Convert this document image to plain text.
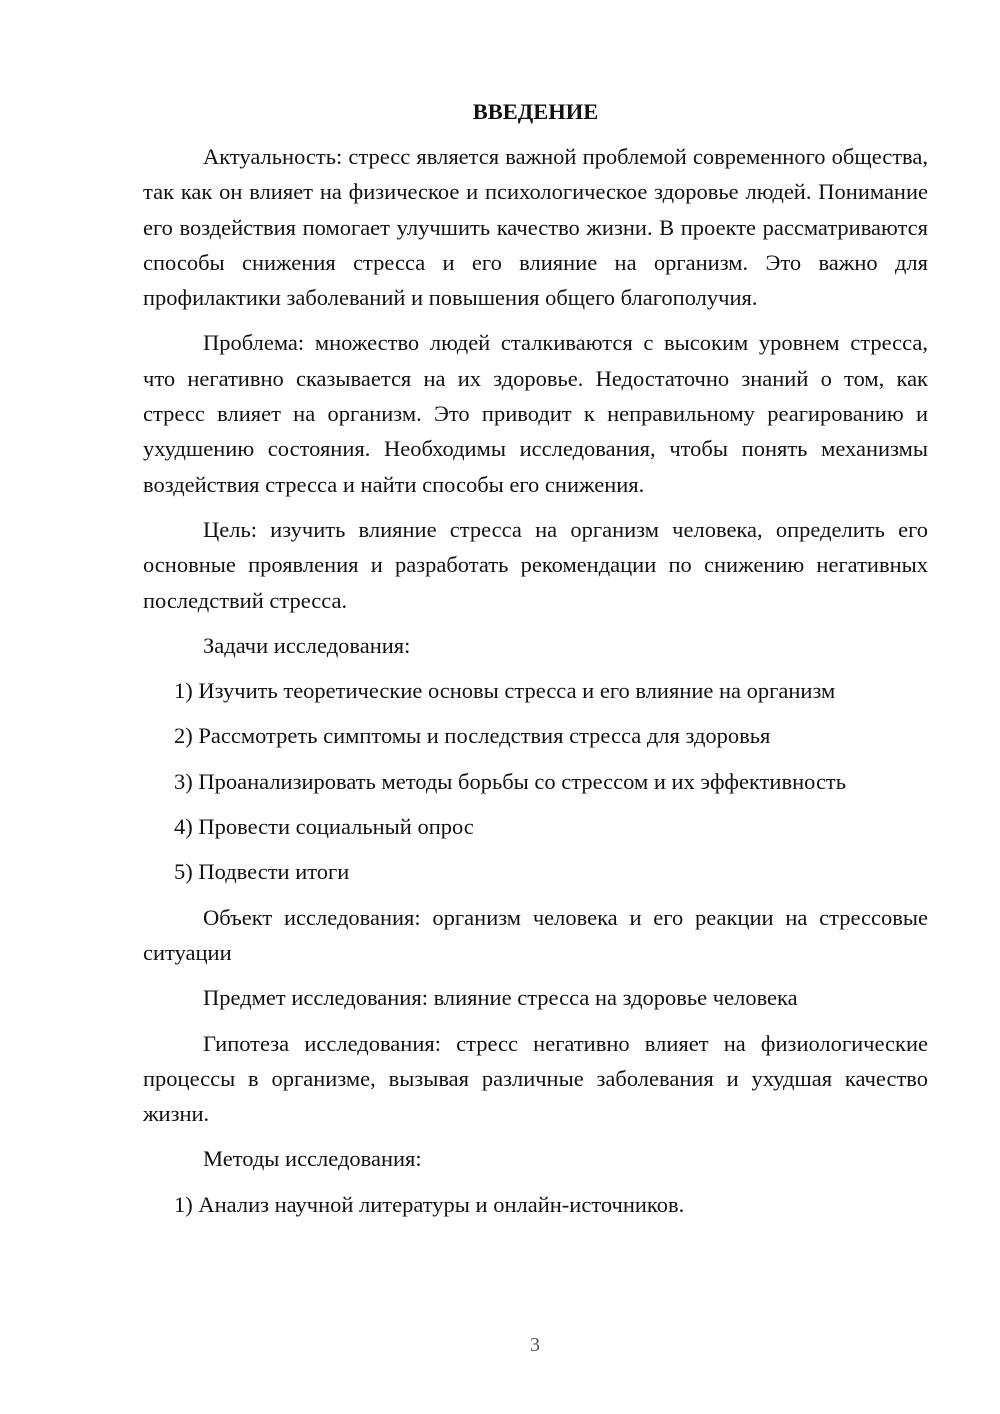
ВВЕДЕНИЕ
Актуальность: стресс является важной проблемой современного общества, так как он влияет на физическое и психологическое здоровье людей. Понимание его воздействия помогает улучшить качество жизни. В проекте рассматриваются способы снижения стресса и его влияние на организм. Это важно для профилактики заболеваний и повышения общего благополучия.
Проблема: множество людей сталкиваются с высоким уровнем стресса, что негативно сказывается на их здоровье. Недостаточно знаний о том, как стресс влияет на организм. Это приводит к неправильному реагированию и ухудшению состояния. Необходимы исследования, чтобы понять механизмы воздействия стресса и найти способы его снижения.
Цель: изучить влияние стресса на организм человека, определить его основные проявления и разработать рекомендации по снижению негативных последствий стресса.
Задачи исследования:
1) Изучить теоретические основы стресса и его влияние на организм
2) Рассмотреть симптомы и последствия стресса для здоровья
3) Проанализировать методы борьбы со стрессом и их эффективность
4) Провести социальный опрос
5) Подвести итоги
Объект исследования: организм человека и его реакции на стрессовые ситуации
Предмет исследования: влияние стресса на здоровье человека
Гипотеза исследования: стресс негативно влияет на физиологические процессы в организме, вызывая различные заболевания и ухудшая качество жизни.
Методы исследования:
1) Анализ научной литературы и онлайн-источников.
3
